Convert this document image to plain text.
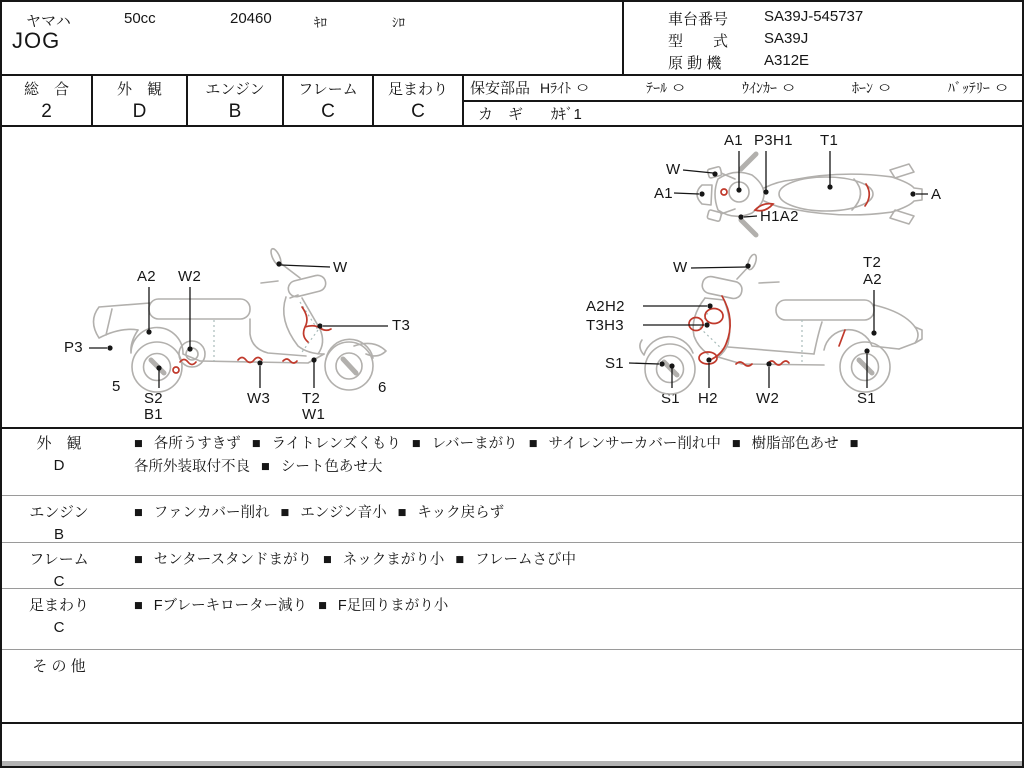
ヤマハ	50cc	20460	ｷﾛ	ｼﾛ
JOG
車台番号	SA39J-545737
型　　式	SA39J
原 動 機	A312E
総　合
2
外　観
D
エンジン
B
フレーム
C
足まわり
C
保安部品 Hﾗｲﾄ ○	ﾃｰﾙ ○	ｳｲﾝｶｰ ○	ﾎｰﾝ ○	ﾊﾞｯﾃﾘｰ ○
カ　ギ ｶｷﾞ1
A1 P3H1 T1
W
A1
H1A2
A
W
A2 W2
P3
T3
5
S2
B1
W3 T2
W1
6
W
A2H2
T3H3
S1
S1 H2	W2	S1
T2
A2
外　観
D
■ 各所うすきず ■ ライトレンズくもり ■ レバーまがり ■ サイレンサーカバー削れ中 ■ 樹脂部色あせ ■
各所外装取付不良 ■ シート色あせ大
エンジン
B
■ ファンカバー削れ ■ エンジン音小 ■ キック戻らず
フレーム
C
■ センタースタンドまがり ■ ネックまがり小 ■ フレームさび中
足まわり
C
■ Fブレーキローター減り ■ F足回りまがり小
そ の 他
